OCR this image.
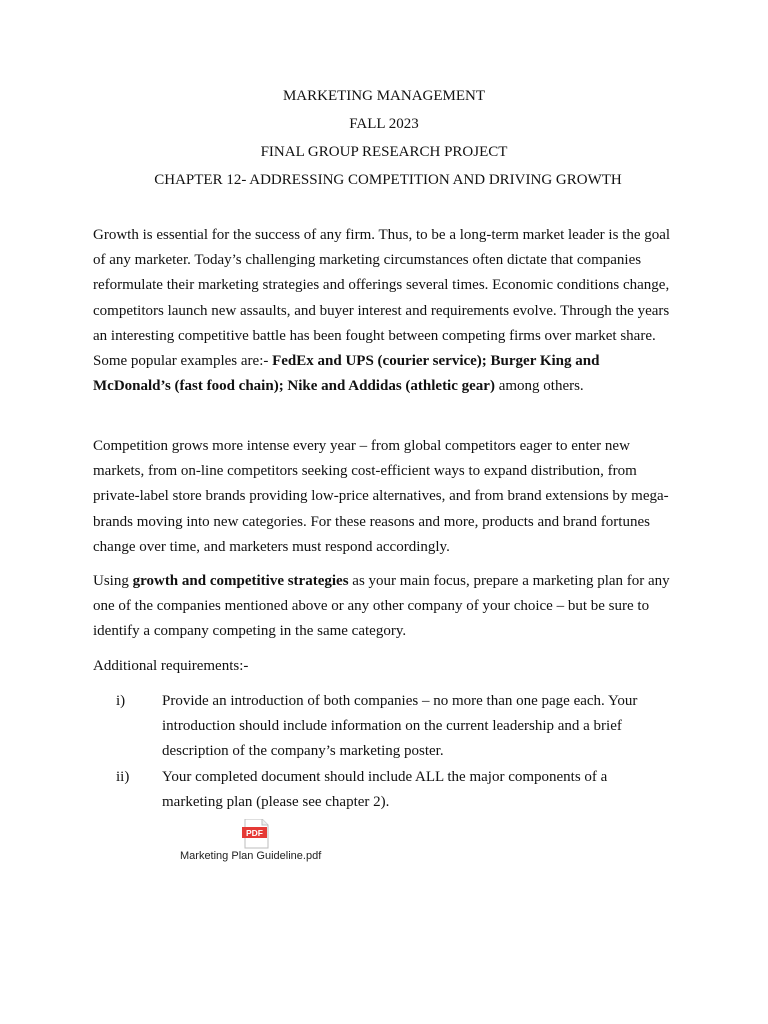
MARKETING MANAGEMENT
FALL 2023
FINAL GROUP RESEARCH PROJECT
CHAPTER 12- ADDRESSING COMPETITION AND DRIVING GROWTH
Growth is essential for the success of any firm. Thus, to be a long-term market leader is the goal of any marketer. Today’s challenging marketing circumstances often dictate that companies reformulate their marketing strategies and offerings several times. Economic conditions change, competitors launch new assaults, and buyer interest and requirements evolve. Through the years an interesting competitive battle has been fought between competing firms over market share. Some popular examples are:- FedEx and UPS (courier service); Burger King and McDonald’s (fast food chain); Nike and Addidas (athletic gear) among others.
Competition grows more intense every year – from global competitors eager to enter new markets, from on-line competitors seeking cost-efficient ways to expand distribution, from private-label store brands providing low-price alternatives, and from brand extensions by mega-brands moving into new categories. For these reasons and more, products and brand fortunes change over time, and marketers must respond accordingly.
Using growth and competitive strategies as your main focus, prepare a marketing plan for any one of the companies mentioned above or any other company of your choice – but be sure to identify a company competing in the same category.
Additional requirements:-
i) Provide an introduction of both companies – no more than one page each. Your introduction should include information on the current leadership and a brief description of the company’s marketing poster.
ii) Your completed document should include ALL the major components of a marketing plan (please see chapter 2).
PDF
Marketing Plan Guideline.pdf
